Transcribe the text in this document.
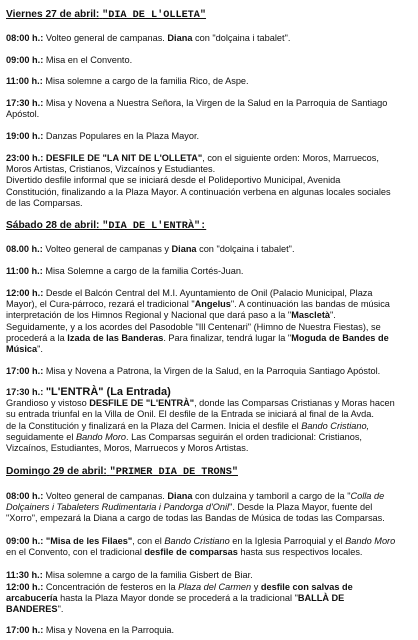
Viernes 27 de abril: "DIA DE L'OLLETA"
08:00 h.: Volteo general de campanas. Diana con "dolçaina i tabalet".
09:00 h.: Misa en el Convento.
11:00 h.: Misa solemne a cargo de la familia Rico, de Aspe.
17:30 h.: Misa y Novena a Nuestra Señora, la Virgen de la Salud en la Parroquia de Santiago
Apóstol.
19:00 h.: Danzas Populares en la Plaza Mayor.
23:00 h.: DESFILE DE "LA NIT DE L'OLLETA", con el siguiente orden: Moros, Marruecos,
Moros Artistas, Cristianos, Vizcaínos y Estudiantes.
Divertido desfile informal que se iniciará desde el Polideportivo Municipal, Avenida
Constitución, finalizando a la Plaza Mayor. A continuación verbena en algunas locales sociales
de las Comparsas.
Sábado 28 de abril: "DIA DE L'ENTRÀ":
08.00 h.: Volteo general de campanas y Diana con "dolçaina i tabalet".
11:00 h.: Misa Solemne a cargo de la familia Cortés-Juan.
12:00 h.: Desde el Balcón Central del M.I. Ayuntamiento de Onil (Palacio Municipal, Plaza
Mayor), el Cura-párroco, rezará el tradicional "Angelus". A continuación las bandas de música
interpretación de los Himnos Regional y Nacional que dará paso a la "Mascletà".
Seguidamente, y a los acordes del Pasodoble "Ill Centenari" (Himno de Nuestra Fiestas), se
procederá a la Izada de las Banderas. Para finalizar, tendrá lugar la "Moguda de Bandes de
Música".
17:00 h.: Misa y Novena a Patrona, la Virgen de la Salud, en la Parroquia Santiago Apóstol.
17:30 h.: "L'ENTRÀ" (La Entrada)
Grandioso y vistoso DESFILE DE "L'ENTRÀ", donde las Comparsas Cristianas y Moras hacen
su entrada triunfal en la Villa de Onil. El desfile de la Entrada se iniciará al final de la Avda.
de la Constitución y finalizará en la Plaza del Carmen. Inicia el desfile el Bando Cristiano,
seguidamente el Bando Moro. Las Comparsas seguirán el orden tradicional: Cristianos,
Vizcaínos, Estudiantes, Moros, Marruecos y Moros Artistas.
Domingo 29 de abril: "PRIMER DIA DE TRONS"
08:00 h.: Volteo general de campanas. Diana con dulzaina y tamboril a cargo de la "Colla de
Dolçainers i Tabaleters Rudimentaria i Pandorga d'Onil". Desde la Plaza Mayor, fuente del
"Xorro", empezará la Diana a cargo de todas las Bandas de Música de todas las Comparsas.
09:00 h.: "Misa de les Filaes", con el Bando Cristiano en la Iglesia Parroquial y el Bando Moro
en el Convento, con el tradicional desfile de comparsas hasta sus respectivos locales.
11:30 h.: Misa solemne a cargo de la familia Gisbert de Biar.
12:00 h.: Concentración de festeros en la Plaza del Carmen y desfile con salvas de
arcabucería hasta la Plaza Mayor donde se procederá a la tradicional "BALLÀ DE
BANDERES".
17:00 h.: Misa y Novena en la Parroquia.
